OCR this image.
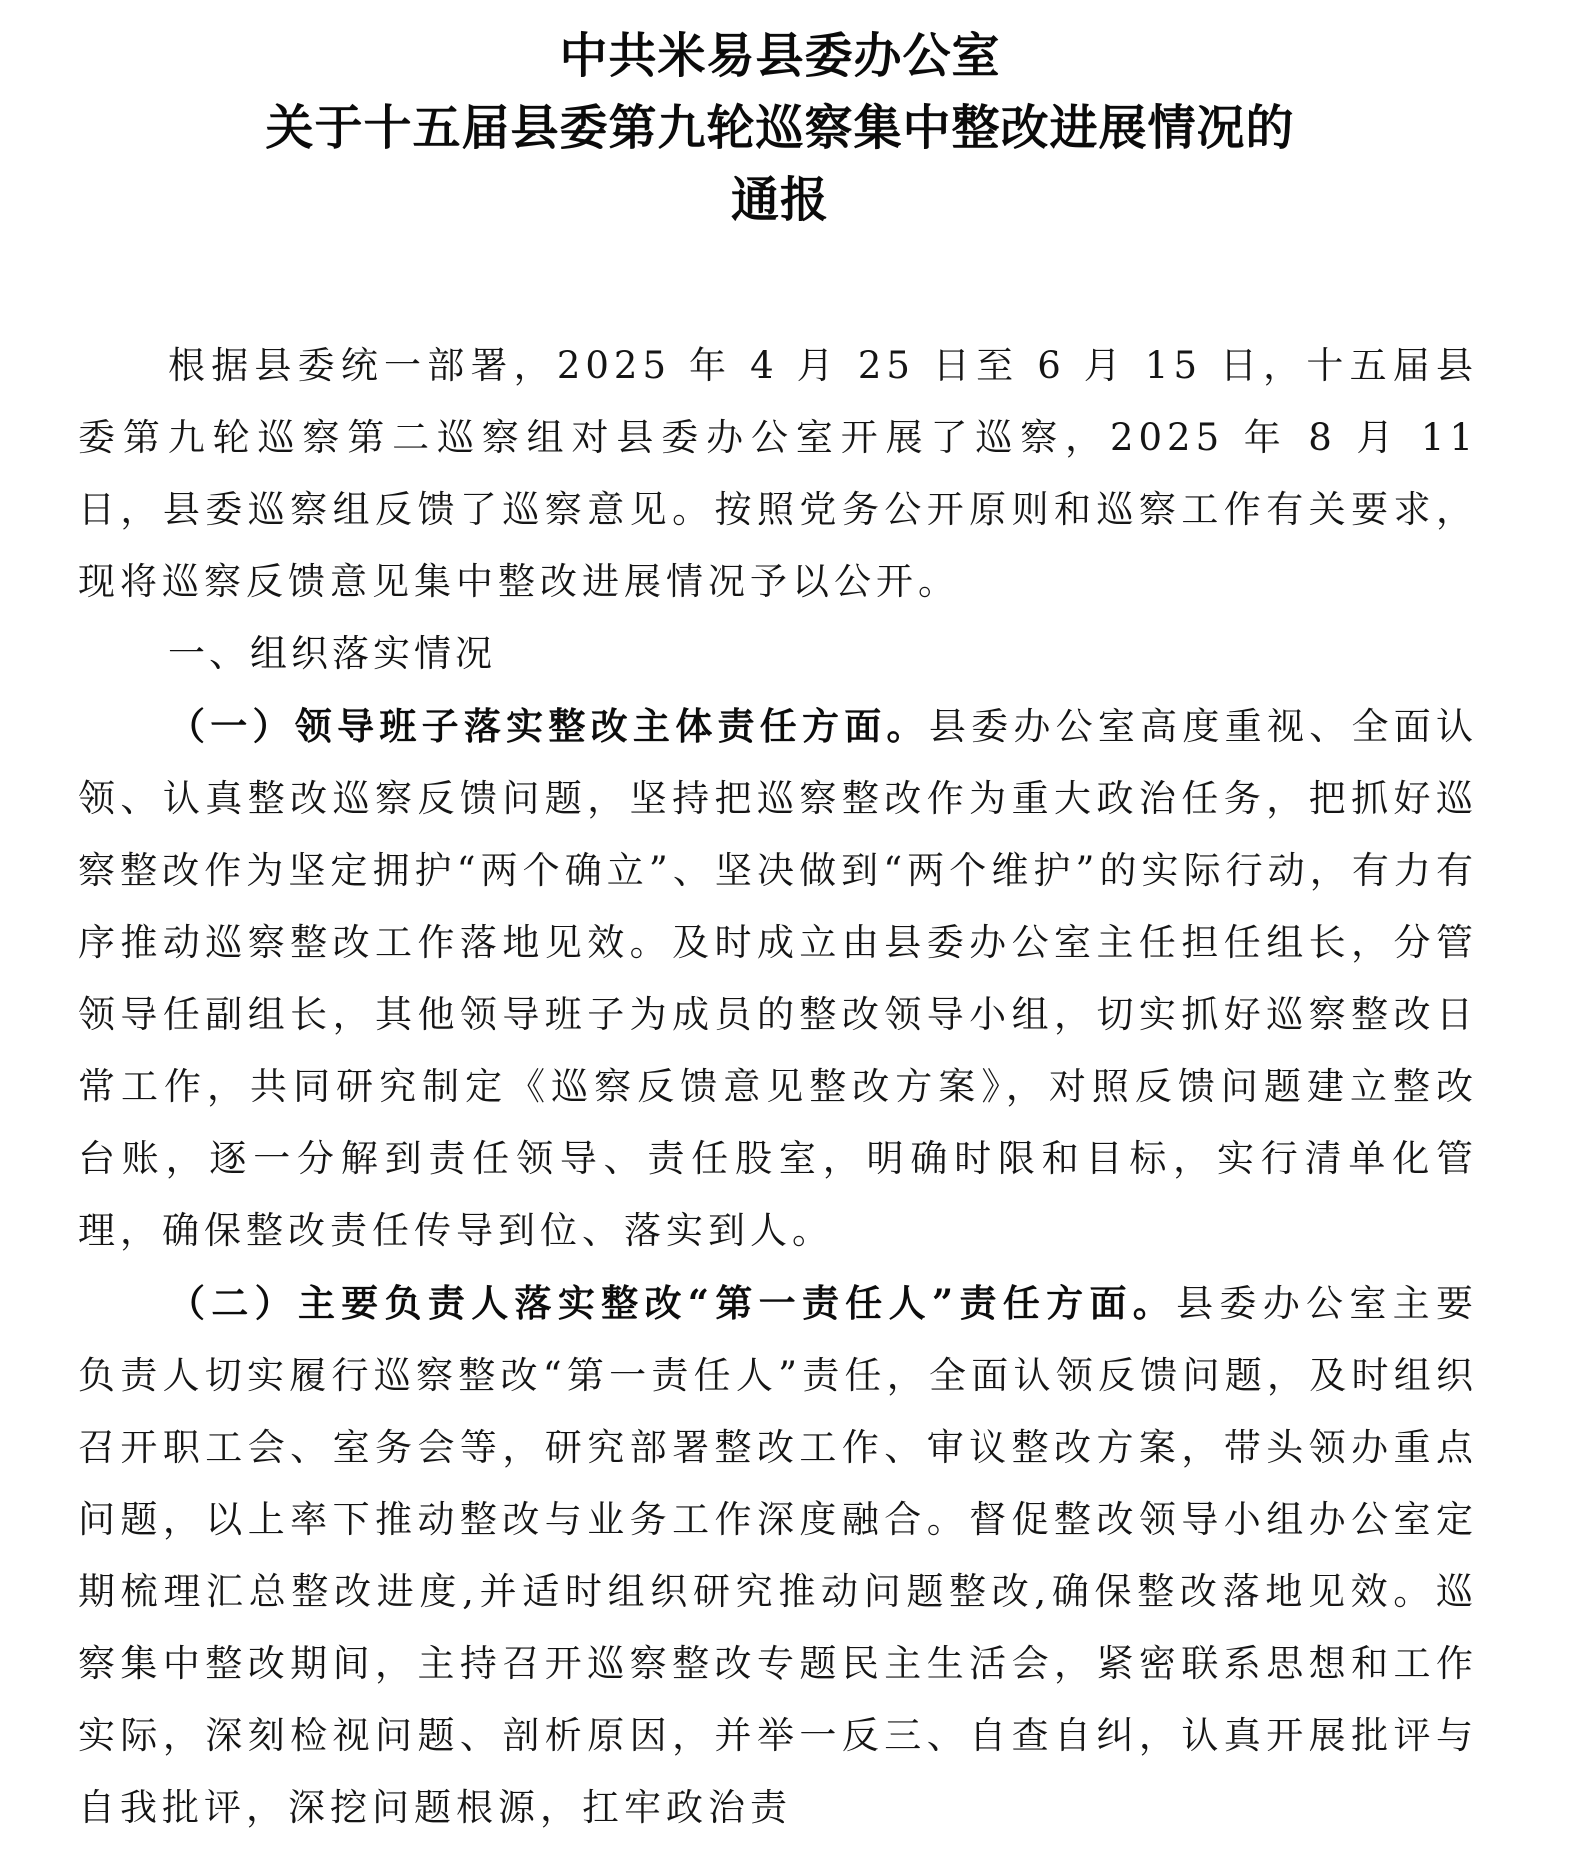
中共米易县委办公室
关于十五届县委第九轮巡察集中整改进展情况的
通报

根据县委统一部署，2025 年 4 月 25 日至 6 月 15 日，十五届县委第九轮巡察第二巡察组对县委办公室开展了巡察，2025 年 8 月 11 日，县委巡察组反馈了巡察意见。按照党务公开原则和巡察工作有关要求，现将巡察反馈意见集中整改进展情况予以公开。

一、组织落实情况

（一）领导班子落实整改主体责任方面。县委办公室高度重视、全面认领、认真整改巡察反馈问题，坚持把巡察整改作为重大政治任务，把抓好巡察整改作为坚定拥护“两个确立”、坚决做到“两个维护”的实际行动，有力有序推动巡察整改工作落地见效。及时成立由县委办公室主任担任组长，分管领导任副组长，其他领导班子为成员的整改领导小组，切实抓好巡察整改日常工作，共同研究制定《巡察反馈意见整改方案》，对照反馈问题建立整改台账，逐一分解到责任领导、责任股室，明确时限和目标，实行清单化管理，确保整改责任传导到位、落实到人。

（二）主要负责人落实整改“第一责任人”责任方面。县委办公室主要负责人切实履行巡察整改“第一责任人”责任，全面认领反馈问题，及时组织召开职工会、室务会等，研究部署整改工作、审议整改方案，带头领办重点问题，以上率下推动整改与业务工作深度融合。督促整改领导小组办公室定期梳理汇总整改进度,并适时组织研究推动问题整改,确保整改落地见效。巡察集中整改期间，主持召开巡察整改专题民主生活会，紧密联系思想和工作实际，深刻检视问题、剖析原因，并举一反三、自查自纠，认真开展批评与自我批评，深挖问题根源，扛牢政治责
